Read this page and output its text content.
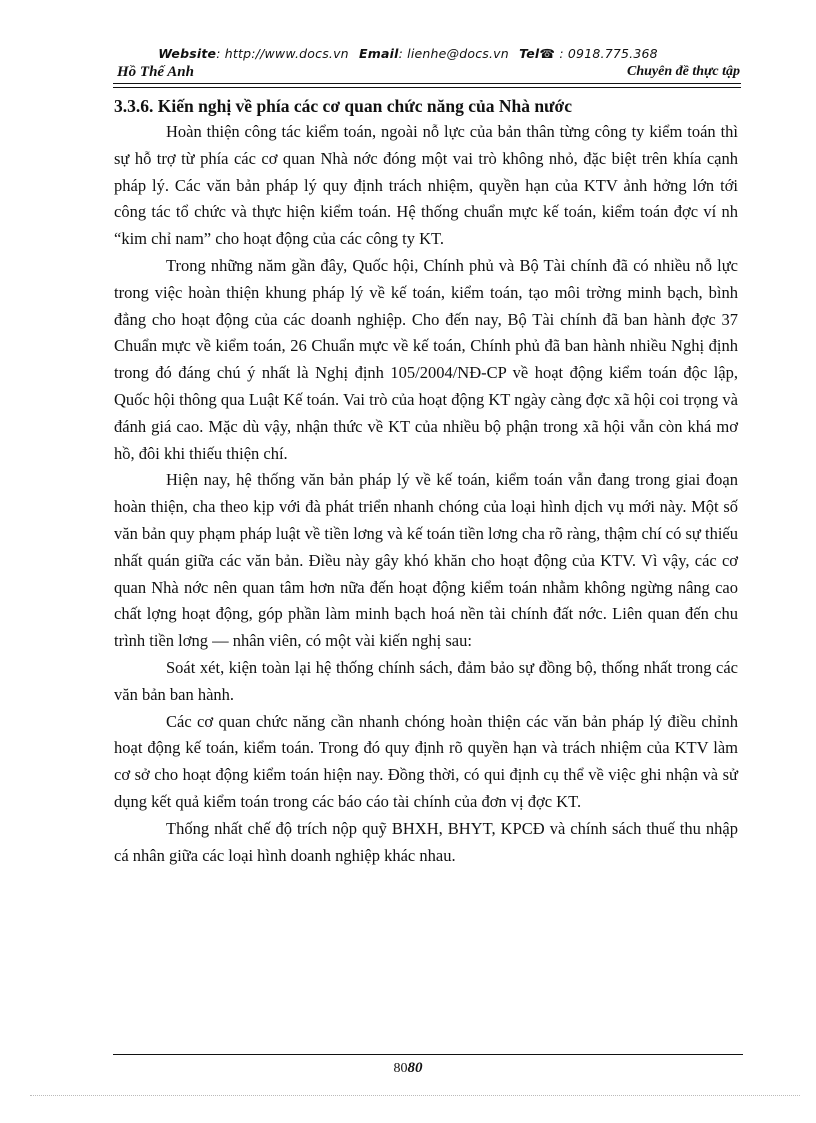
Website: http://www.docs.vn Email: lienhe@docs.vn Tel☎ : 0918.775.368
Hồ Thế Anh	Chuyên đề thực tập

3.3.6. Kiến nghị về phía các cơ quan chức năng của Nhà nước

Hoàn thiện công tác kiểm toán, ngoài nỗ lực của bản thân từng công ty kiểm toán thì sự hỗ trợ từ phía các cơ quan Nhà nớc đóng một vai trò không nhỏ, đặc biệt trên khía cạnh pháp lý. Các văn bản pháp lý quy định trách nhiệm, quyền hạn của KTV ảnh hởng lớn tới công tác tổ chức và thực hiện kiểm toán. Hệ thống chuẩn mực kế toán, kiểm toán đợc ví nh “kim chỉ nam” cho hoạt động của các công ty KT.

Trong những năm gần đây, Quốc hội, Chính phủ và Bộ Tài chính đã có nhiều nỗ lực trong việc hoàn thiện khung pháp lý về kế toán, kiểm toán, tạo môi trờng minh bạch, bình đẳng cho hoạt động của các doanh nghiệp. Cho đến nay, Bộ Tài chính đã ban hành đợc 37 Chuẩn mực về kiểm toán, 26 Chuẩn mực về kế toán, Chính phủ đã ban hành nhiều Nghị định trong đó đáng chú ý nhất là Nghị định 105/2004/NĐ-CP về hoạt động kiểm toán độc lập, Quốc hội thông qua Luật Kế toán. Vai trò của hoạt động KT ngày càng đợc xã hội coi trọng và đánh giá cao. Mặc dù vậy, nhận thức về KT của nhiều bộ phận trong xã hội vẫn còn khá mơ hồ, đôi khi thiếu thiện chí.

Hiện nay, hệ thống văn bản pháp lý về kế toán, kiểm toán vẫn đang trong giai đoạn hoàn thiện, cha theo kịp với đà phát triển nhanh chóng của loại hình dịch vụ mới này. Một số văn bản quy phạm pháp luật về tiền lơng và kế toán tiền lơng cha rõ ràng, thậm chí có sự thiếu nhất quán giữa các văn bản. Điều này gây khó khăn cho hoạt động của KTV. Vì vậy, các cơ quan Nhà nớc nên quan tâm hơn nữa đến hoạt động kiểm toán nhằm không ngừng nâng cao chất lợng hoạt động, góp phần làm minh bạch hoá nền tài chính đất nớc. Liên quan đến chu trình tiền lơng — nhân viên, có một vài kiến nghị sau:

Soát xét, kiện toàn lại hệ thống chính sách, đảm bảo sự đồng bộ, thống nhất trong các văn bản ban hành.

Các cơ quan chức năng cần nhanh chóng hoàn thiện các văn bản pháp lý điều chỉnh hoạt động kế toán, kiểm toán. Trong đó quy định rõ quyền hạn và trách nhiệm của KTV làm cơ sở cho hoạt động kiểm toán hiện nay. Đồng thời, có qui định cụ thể về việc ghi nhận và sử dụng kết quả kiểm toán trong các báo cáo tài chính của đơn vị đợc KT.

Thống nhất chế độ trích nộp quỹ BHXH, BHYT, KPCĐ và chính sách thuế thu nhập cá nhân giữa các loại hình doanh nghiệp khác nhau.

8080
